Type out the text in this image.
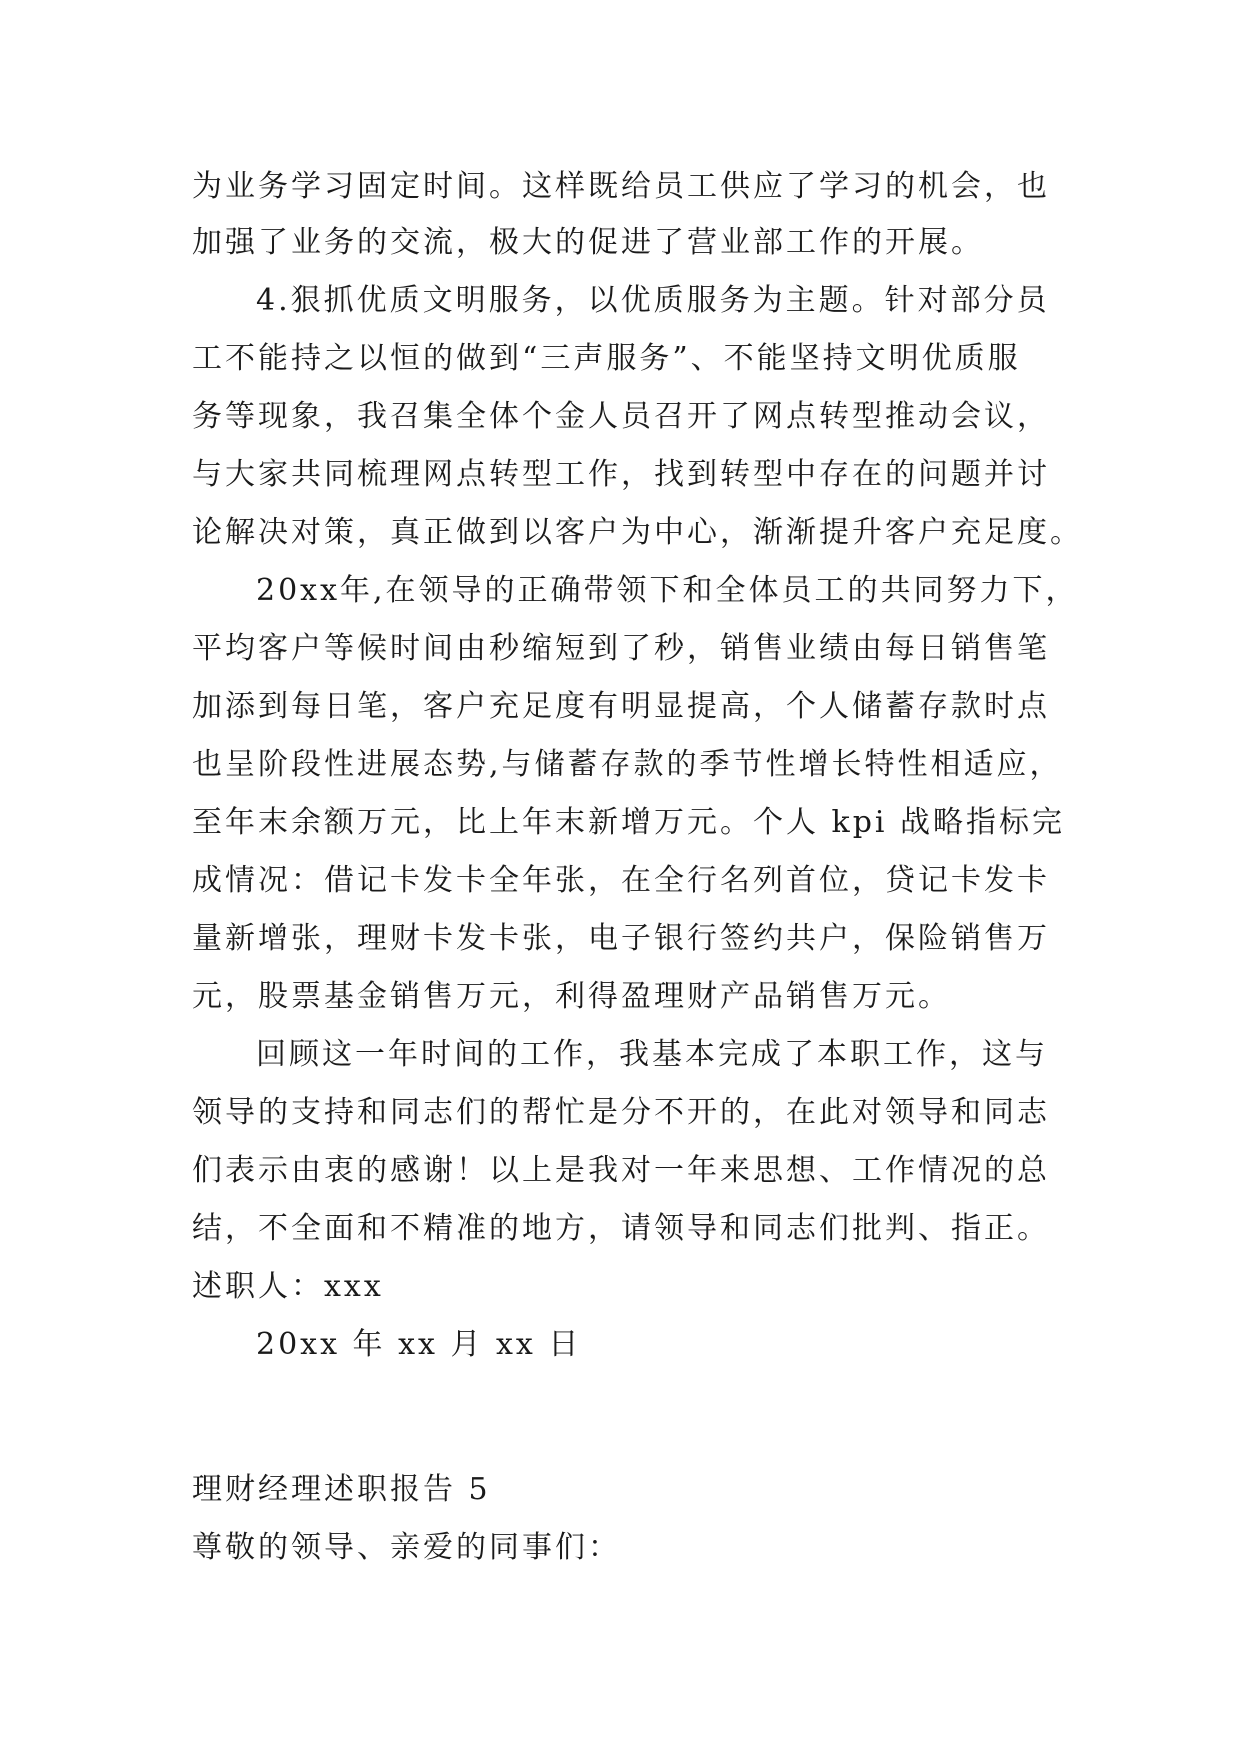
为业务学习固定时间。这样既给员工供应了学习的机会，也
加强了业务的交流，极大的促进了营业部工作的开展。
4.狠抓优质文明服务，以优质服务为主题。针对部分员
工不能持之以恒的做到“三声服务”、不能坚持文明优质服
务等现象，我召集全体个金人员召开了网点转型推动会议，
与大家共同梳理网点转型工作，找到转型中存在的问题并讨
论解决对策，真正做到以客户为中心，渐渐提升客户充足度。
20xx年,在领导的正确带领下和全体员工的共同努力下，
平均客户等候时间由秒缩短到了秒，销售业绩由每日销售笔
加添到每日笔，客户充足度有明显提高，个人储蓄存款时点
也呈阶段性进展态势,与储蓄存款的季节性增长特性相适应，
至年末余额万元，比上年末新增万元。个人 kpi 战略指标完
成情况：借记卡发卡全年张，在全行名列首位，贷记卡发卡
量新增张，理财卡发卡张，电子银行签约共户，保险销售万
元，股票基金销售万元，利得盈理财产品销售万元。
回顾这一年时间的工作，我基本完成了本职工作，这与
领导的支持和同志们的帮忙是分不开的，在此对领导和同志
们表示由衷的感谢！以上是我对一年来思想、工作情况的总
结，不全面和不精准的地方，请领导和同志们批判、指正。
述职人：xxx
20xx 年 xx 月 xx 日
理财经理述职报告 5
尊敬的领导、亲爱的同事们：
